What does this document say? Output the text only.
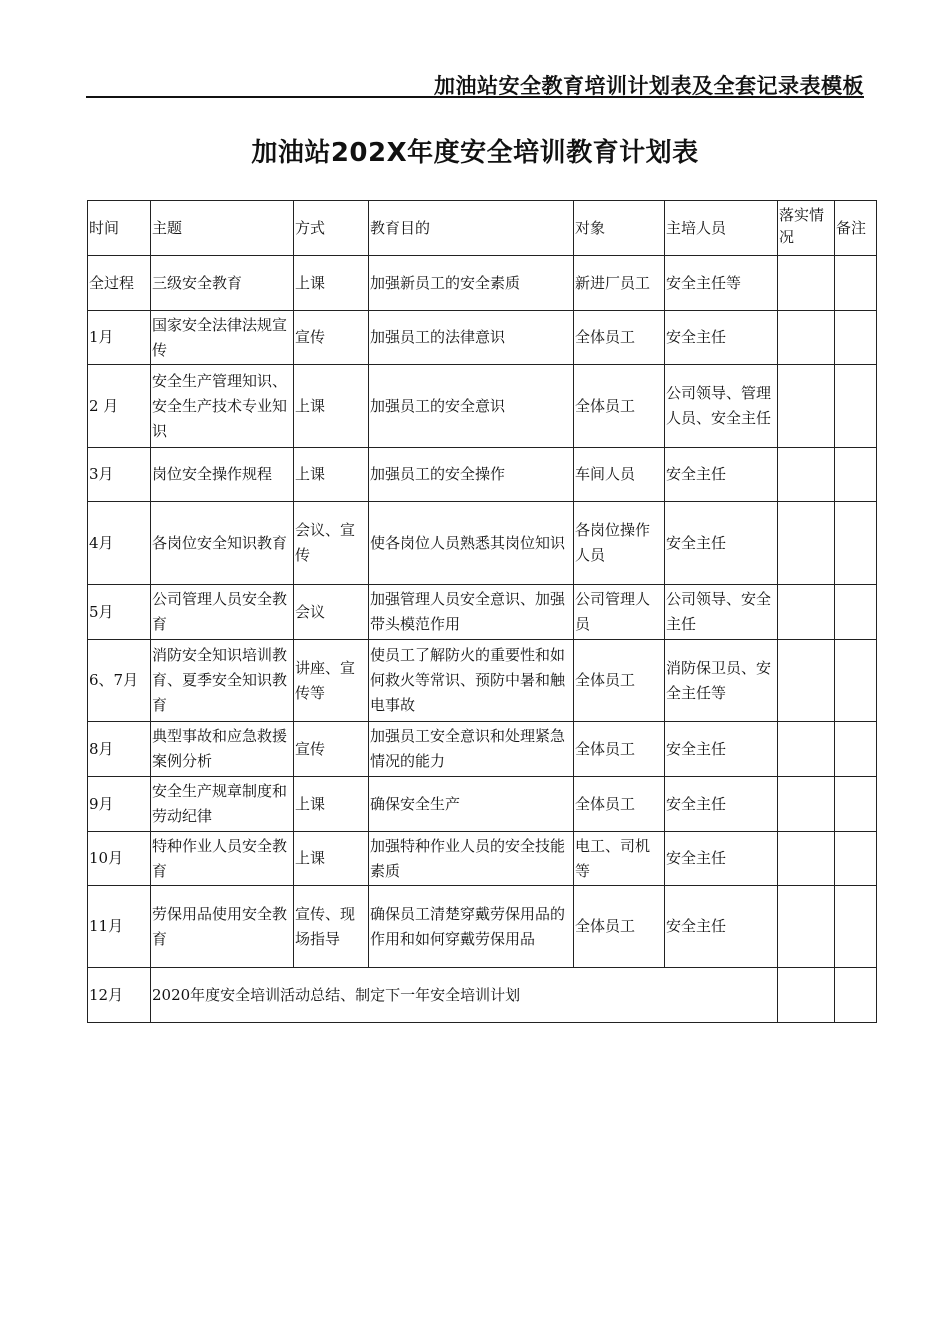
加油站安全教育培训计划表及全套记录表模板
加油站202X年度安全培训教育计划表
时间	主题	方式	教育目的	对象	主培人员	落实情况	备注
全过程	三级安全教育	上课	加强新员工的安全素质	新进厂员工	安全主任等		
1月	国家安全法律法规宣传	宣传	加强员工的法律意识	全体员工	安全主任		
2 月	安全生产管理知识、安全生产技术专业知识	上课	加强员工的安全意识	全体员工	公司领导、管理人员、安全主任		
3月	岗位安全操作规程	上课	加强员工的安全操作	车间人员	安全主任		
4月	各岗位安全知识教育	会议、宣传	使各岗位人员熟悉其岗位知识	各岗位操作人员	安全主任		
5月	公司管理人员安全教育	会议	加强管理人员安全意识、加强带头模范作用	公司管理人员	公司领导、安全主任		
6、7月	消防安全知识培训教育、夏季安全知识教育	讲座、宣传等	使员工了解防火的重要性和如何救火等常识、预防中暑和触电事故	全体员工	消防保卫员、安全主任等		
8月	典型事故和应急救援案例分析	宣传	加强员工安全意识和处理紧急情况的能力	全体员工	安全主任		
9月	安全生产规章制度和劳动纪律	上课	确保安全生产	全体员工	安全主任		
10月	特种作业人员安全教育	上课	加强特种作业人员的安全技能素质	电工、司机等	安全主任		
11月	劳保用品使用安全教育	宣传、现场指导	确保员工清楚穿戴劳保用品的作用和如何穿戴劳保用品	全体员工	安全主任		
12月	2020年度安全培训活动总结、制定下一年安全培训计划						
